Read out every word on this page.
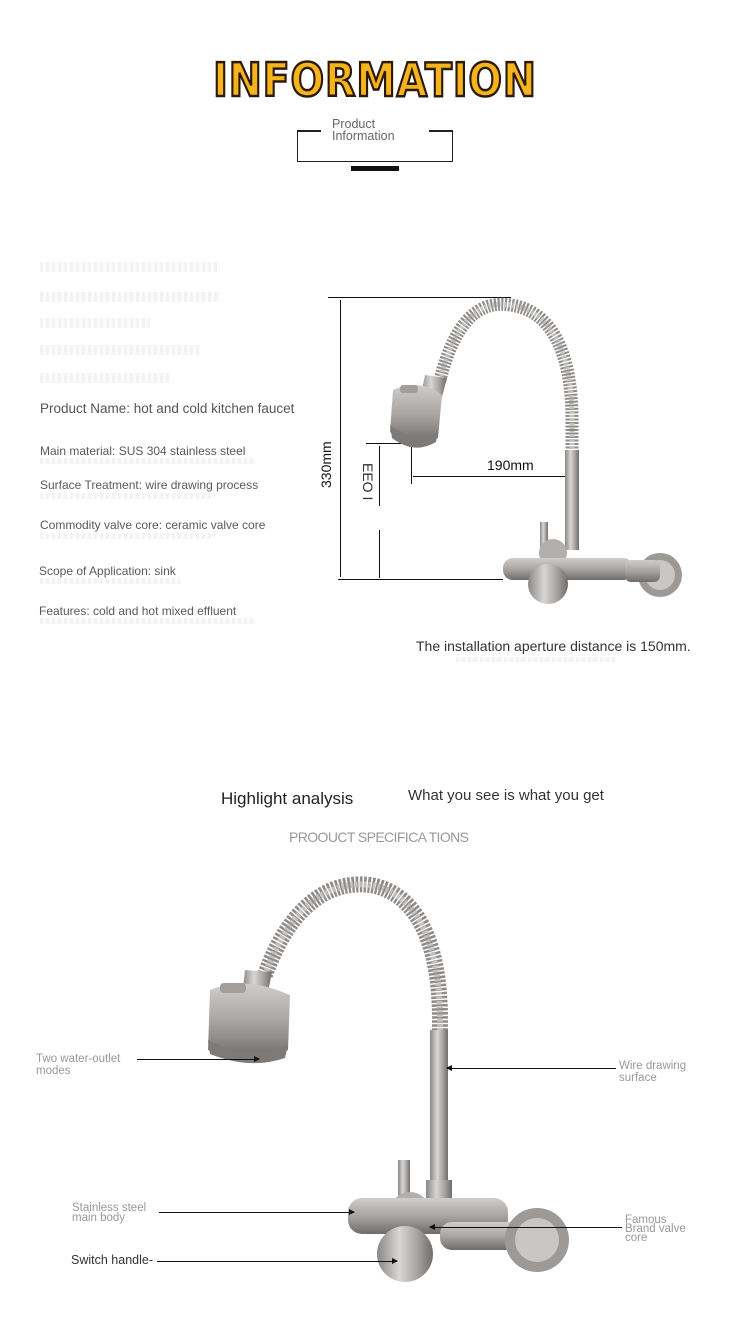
INFORMATION
Product
Information
Product Name: hot and cold kitchen faucet
Main material: SUS 304 stainless steel
Surface Treatment: wire drawing process
Commodity valve core: ceramic valve core
Scope of Application: sink
Features: cold and hot mixed effluent
330mm EEO I	190mm
The installation aperture distance is 150mm.
Highlight analysis	What you see is what you get
PROOUCT SPECIFICA TIONS
Two water-outlet modes	Wire drawing surface
Stainless steel main body
Switch handle-
Famous Brand valve core
